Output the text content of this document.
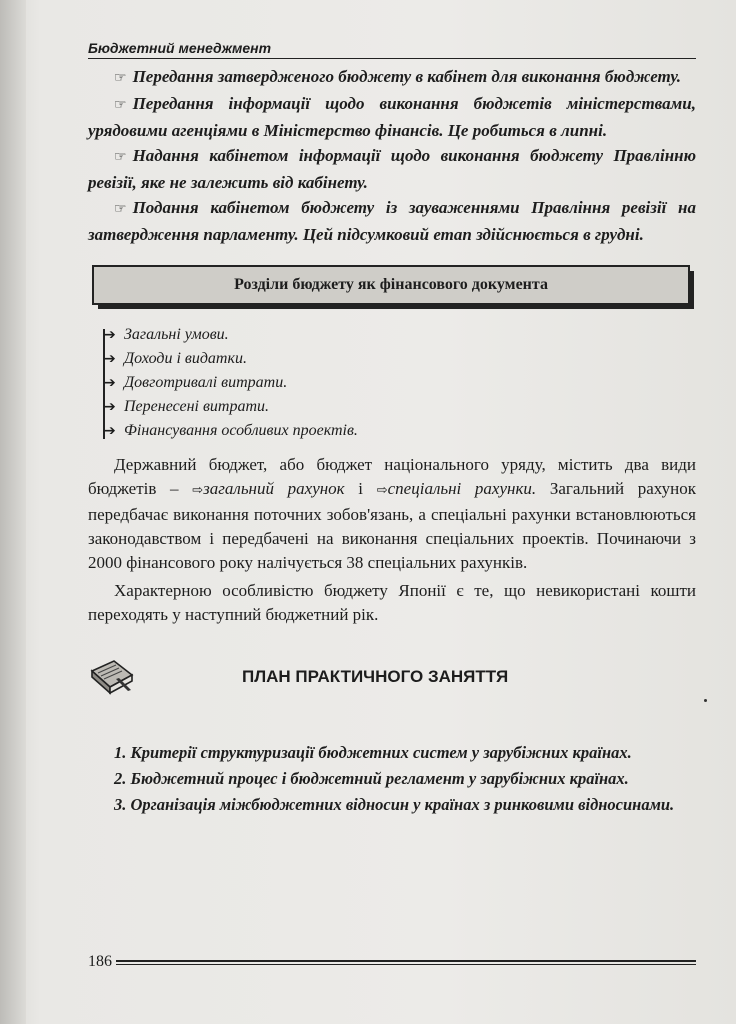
Бюджетний менеджмент

☞ Передання затвердженого бюджету в кабінет для виконання бюджету.

☞ Передання інформації щодо виконання бюджетів міністерствами, урядовими агенціями в Міністерство фінансів. Це робиться в липні.

☞ Надання кабінетом інформації щодо виконання бюджету Правлінню ревізії, яке не залежить від кабінету.

☞ Подання кабінетом бюджету із зауваженнями Правління ревізії на затвердження парламенту. Цей підсумковий етап здійснюється в грудні.

Розділи бюджету як фінансового документа
➔ Загальні умови.
➔ Доходи і видатки.
➔ Довготривалі витрати.
➔ Перенесені витрати.
➔ Фінансування особливих проектів.

Державний бюджет, або бюджет національного уряду, містить два види бюджетів – ⇨загальний рахунок і ⇨спеціальні рахунки. Загальний рахунок передбачає виконання поточних зобов'язань, а спеціальні рахунки встановлюються законодавством і передбачені на виконання спеціальних проектів. Починаючи з 2000 фінансового року налічується 38 спеціальних рахунків.

Характерною особливістю бюджету Японії є те, що невикористані кошти переходять у наступний бюджетний рік.

ПЛАН ПРАКТИЧНОГО ЗАНЯТТЯ

1. Критерії структуризації бюджетних систем у зарубіжних країнах.

2. Бюджетний процес і бюджетний регламент у зарубіжних країнах.

3. Організація міжбюджетних відносин у країнах з ринковими відносинами.

186
